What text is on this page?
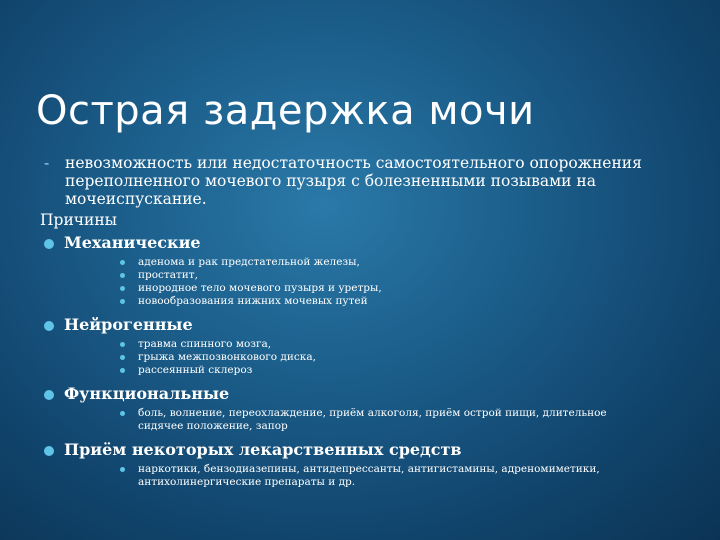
Острая задержка мочи
- невозможность или недостаточность самостоятельного опорожнения переполненного мочевого пузыря с болезненными позывами на мочеиспускание.
Причины
Механические
аденома и рак предстательной железы,
простатит,
инородное тело мочевого пузыря и уретры,
новообразования нижних мочевых путей
Нейрогенные
травма спинного мозга,
грыжа межпозвонкового диска,
рассеянный склероз
Функциональные
боль, волнение, переохлаждение, приём алкоголя, приём острой пищи, длительное сидячее положение, запор
Приём некоторых лекарственных средств
наркотики, бензодиазепины, антидепрессанты, антигистамины, адреномиметики, антихолинергические препараты и др.
